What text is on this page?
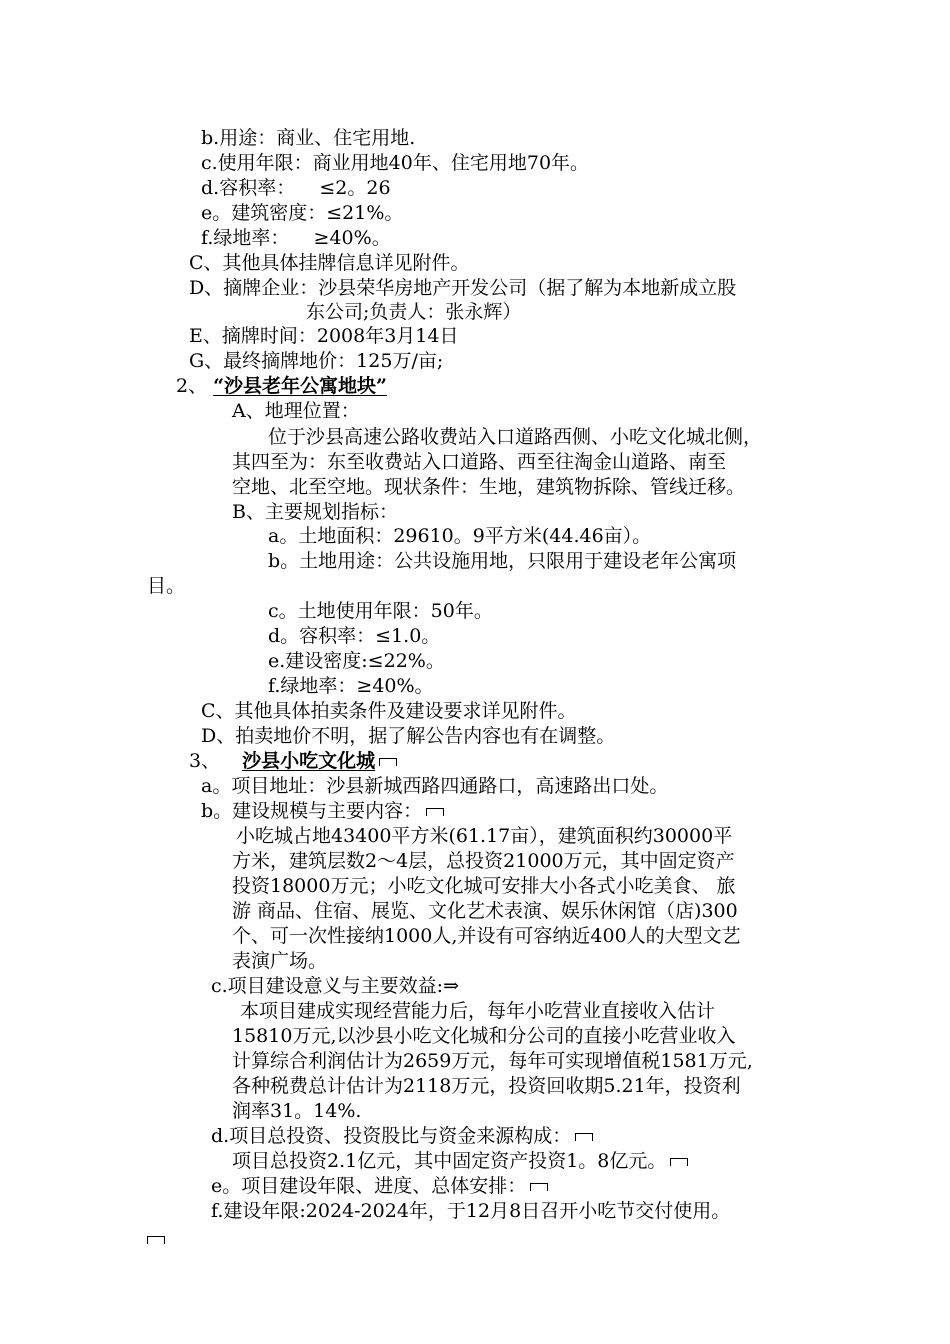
b.用途：商业、住宅用地.
c.使用年限：商业用地40年、住宅用地70年。
d.容积率：    ≤2。26
e。建筑密度：≤21%。
f.绿地率：    ≥40%。
C、其他具体挂牌信息详见附件。
D、摘牌企业：沙县荣华房地产开发公司（据了解为本地新成立股
东公司;负责人：张永辉）
E、摘牌时间：2008年3月14日
G、最终摘牌地价：125万/亩;
2、 “沙县老年公寓地块”
A、地理位置：
位于沙县高速公路收费站入口道路西侧、小吃文化城北侧，
其四至为：东至收费站入口道路、西至往淘金山道路、南至
空地、北至空地。现状条件：生地，建筑物拆除、管线迁移。
B、主要规划指标：
a。土地面积：29610。9平方米(44.46亩）。
b。土地用途：公共设施用地，只限用于建设老年公寓项
目。
c。土地使用年限：50年。
d。容积率：≤1.0。
e.建设密度:≤22%。
f.绿地率：≥40%。
C、其他具体拍卖条件及建设要求详见附件。
D、拍卖地价不明，据了解公告内容也有在调整。
3、 沙县小吃文化城
a。项目地址：沙县新城西路四通路口，高速路出口处。
b。建设规模与主要内容：
小吃城占地43400平方米(61.17亩），建筑面积约30000平
方米，建筑层数2～4层，总投资21000万元，其中固定资产
投资18000万元；小吃文化城可安排大小各式小吃美食、 旅
游 商品、住宿、展览、文化艺术表演、娱乐休闲馆（店)300
个、可一次性接纳1000人,并设有可容纳近400人的大型文艺
表演广场。
c.项目建设意义与主要效益:⇒
本项目建成实现经营能力后，每年小吃营业直接收入估计
15810万元,以沙县小吃文化城和分公司的直接小吃营业收入
计算综合利润估计为2659万元，每年可实现增值税1581万元,
各种税费总计估计为2118万元，投资回收期5.21年，投资利
润率31。14%.
d.项目总投资、投资股比与资金来源构成：
项目总投资2.1亿元，其中固定资产投资1。8亿元。
e。项目建设年限、进度、总体安排：
f.建设年限:2024-2024年，于12月8日召开小吃节交付使用。
